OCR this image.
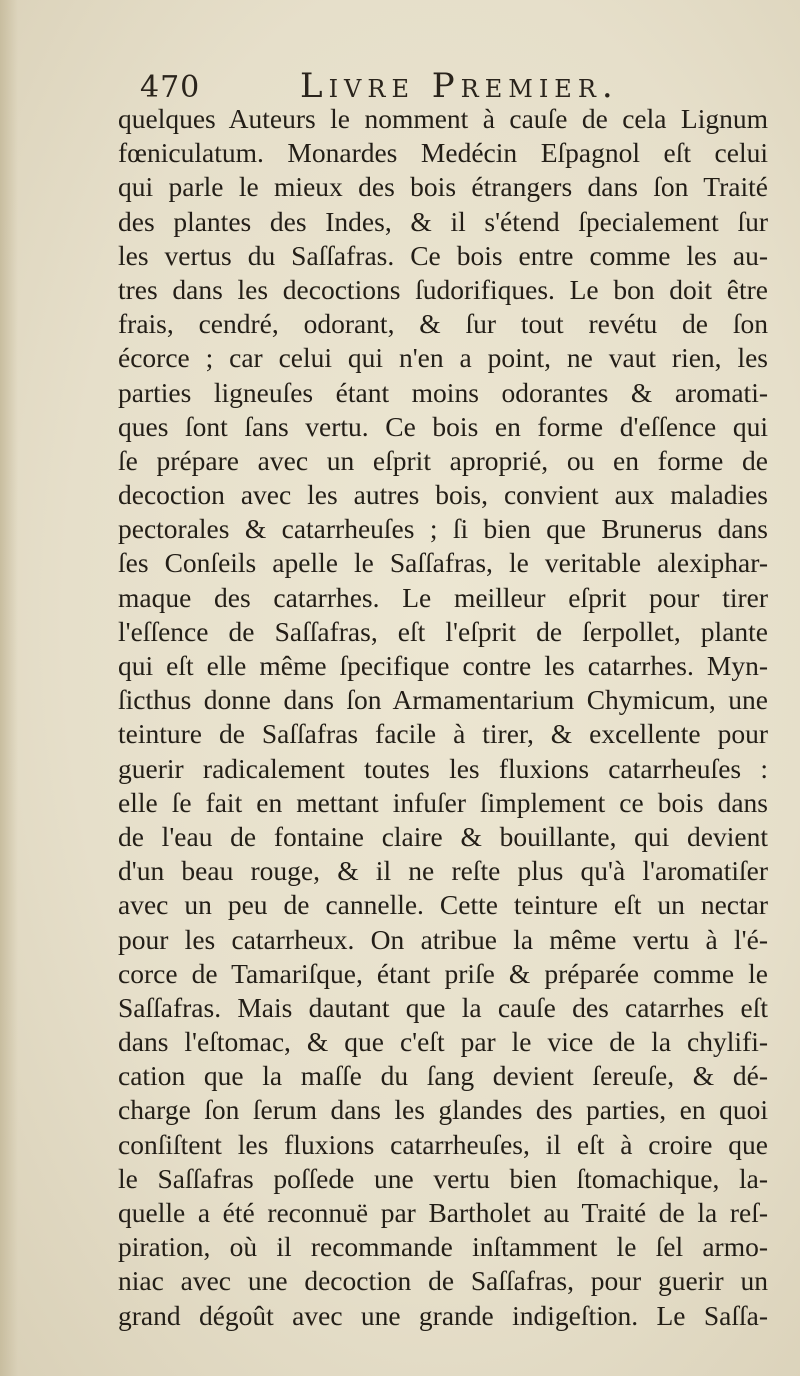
470	Livre Premier.
quelques Auteurs le nomment à cauſe de cela Lignum
fœniculatum. Monardes Medécin Eſpagnol eſt celui
qui parle le mieux des bois étrangers dans ſon Traité
des plantes des Indes, & il s'étend ſpecialement ſur
les vertus du Saſſafras. Ce bois entre comme les au-
tres dans les decoctions ſudorifiques. Le bon doit être
frais, cendré, odorant, & ſur tout revétu de ſon
écorce ; car celui qui n'en a point, ne vaut rien, les
parties ligneuſes étant moins odorantes & aromati-
ques ſont ſans vertu. Ce bois en forme d'eſſence qui
ſe prépare avec un eſprit aproprié, ou en forme de
decoction avec les autres bois, convient aux maladies
pectorales & catarrheuſes ; ſi bien que Brunerus dans
ſes Conſeils apelle le Saſſafras, le veritable alexiphar-
maque des catarrhes. Le meilleur eſprit pour tirer
l'eſſence de Saſſafras, eſt l'eſprit de ſerpollet, plante
qui eſt elle même ſpecifique contre les catarrhes. Myn-
ſicthus donne dans ſon Armamentarium Chymicum, une
teinture de Saſſafras facile à tirer, & excellente pour
guerir radicalement toutes les fluxions catarrheuſes :
elle ſe fait en mettant infuſer ſimplement ce bois dans
de l'eau de fontaine claire & bouillante, qui devient
d'un beau rouge, & il ne reſte plus qu'à l'aromatiſer
avec un peu de cannelle. Cette teinture eſt un nectar
pour les catarrheux. On atribue la même vertu à l'é-
corce de Tamariſque, étant priſe & préparée comme le
Saſſafras. Mais dautant que la cauſe des catarrhes eſt
dans l'eſtomac, & que c'eſt par le vice de la chylifi-
cation que la maſſe du ſang devient ſereuſe, & dé-
charge ſon ſerum dans les glandes des parties, en quoi
conſiſtent les fluxions catarrheuſes, il eſt à croire que
le Saſſafras poſſede une vertu bien ſtomachique, la-
quelle a été reconnuë par Bartholet au Traité de la reſ-
piration, où il recommande inſtamment le ſel armo-
niac avec une decoction de Saſſafras, pour guerir un
grand dégoût avec une grande indigeſtion. Le Saſſa-
